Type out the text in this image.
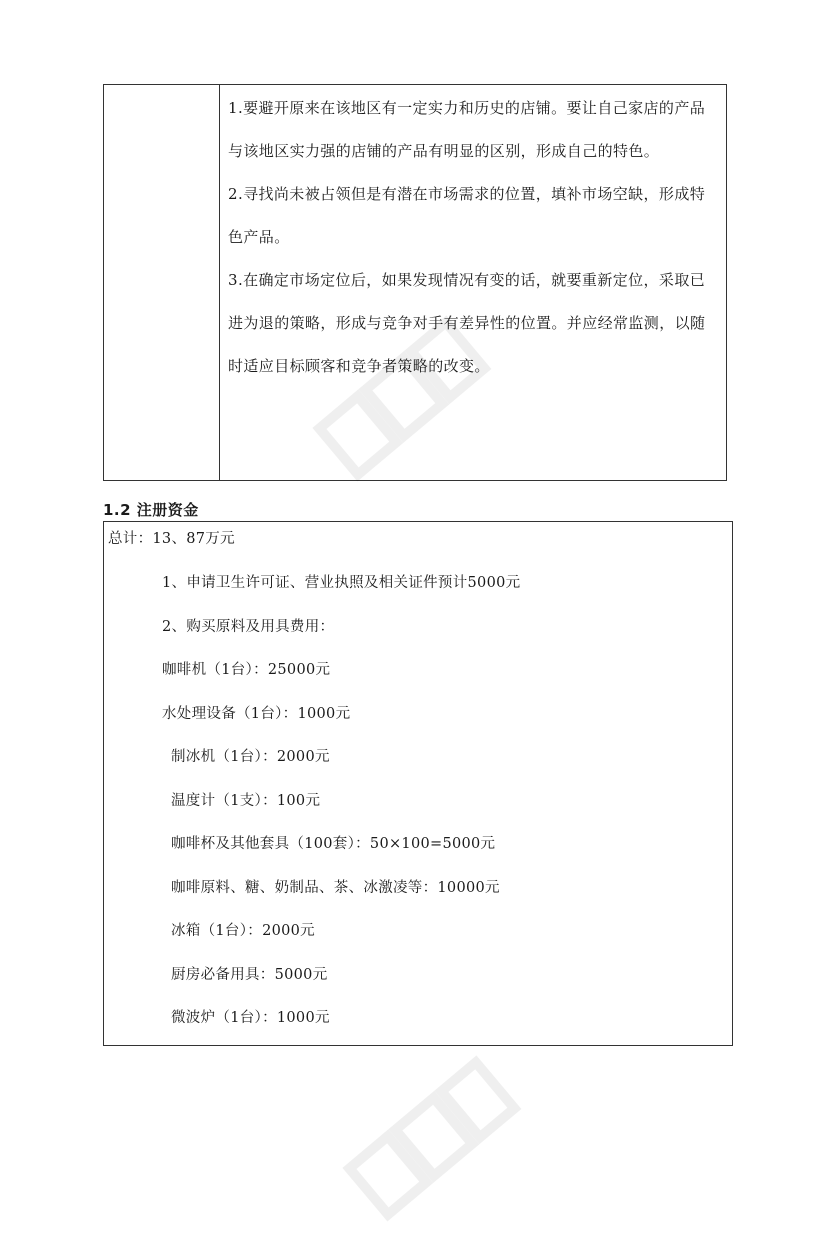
1.要避开原来在该地区有一定实力和历史的店铺。要让自己家店的产品与该地区实力强的店铺的产品有明显的区别，形成自己的特色。

2.寻找尚未被占领但是有潜在市场需求的位置，填补市场空缺，形成特色产品。

3.在确定市场定位后，如果发现情况有变的话，就要重新定位，采取已进为退的策略，形成与竞争对手有差异性的位置。并应经常监测，以随时适应目标顾客和竞争者策略的改变。

1.2 注册资金
总计：13、87万元
1、申请卫生许可证、营业执照及相关证件预计5000元
2、购买原料及用具费用：
咖啡机（1台）：25000元
水处理设备（1台）：1000元
制冰机（1台）：2000元
温度计（1支）：100元
咖啡杯及其他套具（100套）：50×100=5000元
咖啡原料、糖、奶制品、茶、冰激凌等：10000元
冰箱（1台）：2000元
厨房必备用具：5000元
微波炉（1台）：1000元
